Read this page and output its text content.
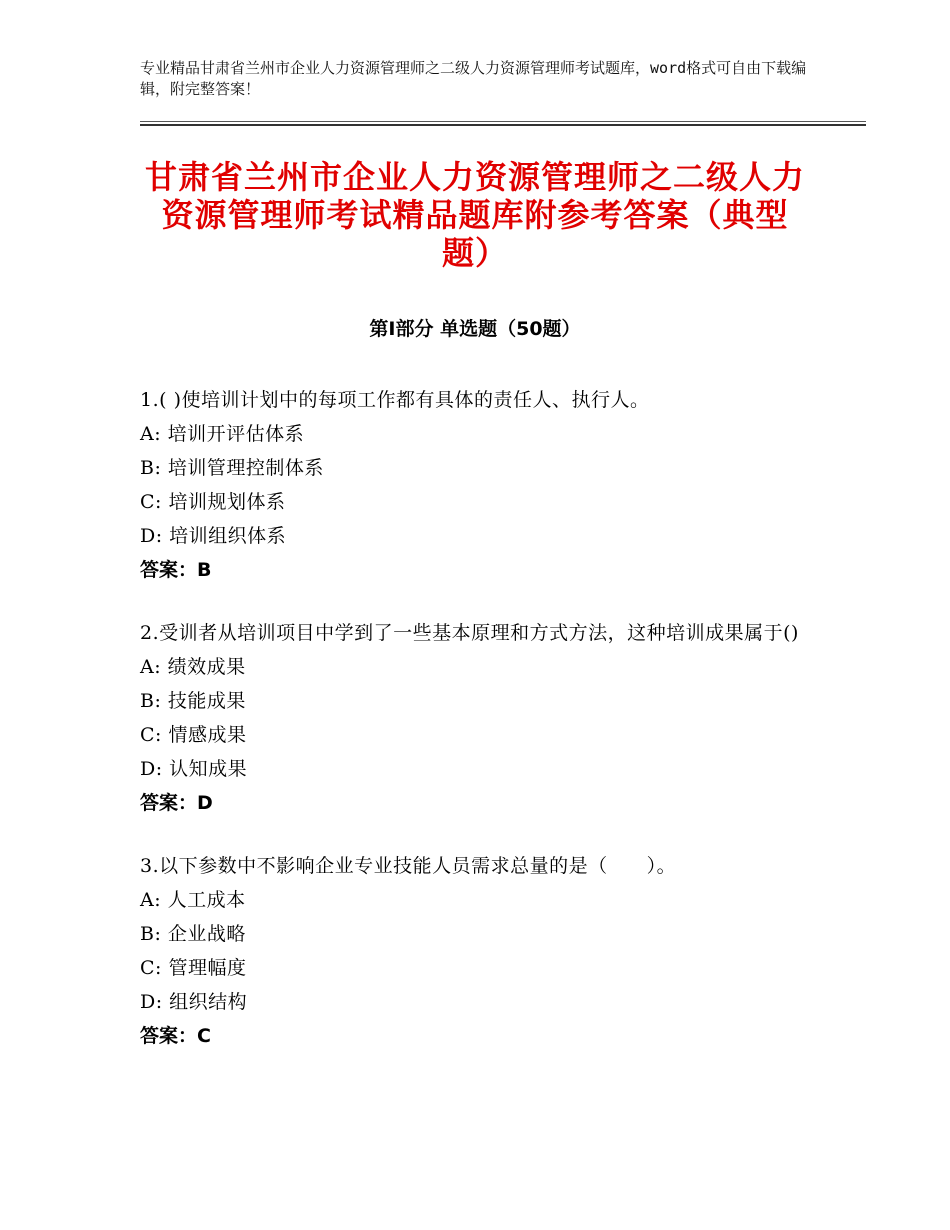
专业精品甘肃省兰州市企业人力资源管理师之二级人力资源管理师考试题库，word格式可自由下载编辑，附完整答案！
甘肃省兰州市企业人力资源管理师之二级人力资源管理师考试精品题库附参考答案（典型题）
第Ⅰ部分 单选题（50题）
1.( )使培训计划中的每项工作都有具体的责任人、执行人。
A: 培训开评估体系
B: 培训管理控制体系
C: 培训规划体系
D: 培训组织体系
答案：B
2.受训者从培训项目中学到了一些基本原理和方式方法，这种培训成果属于()
A: 绩效成果
B: 技能成果
C: 情感成果
D: 认知成果
答案：D
3.以下参数中不影响企业专业技能人员需求总量的是（　　）。
A: 人工成本
B: 企业战略
C: 管理幅度
D: 组织结构
答案：C
